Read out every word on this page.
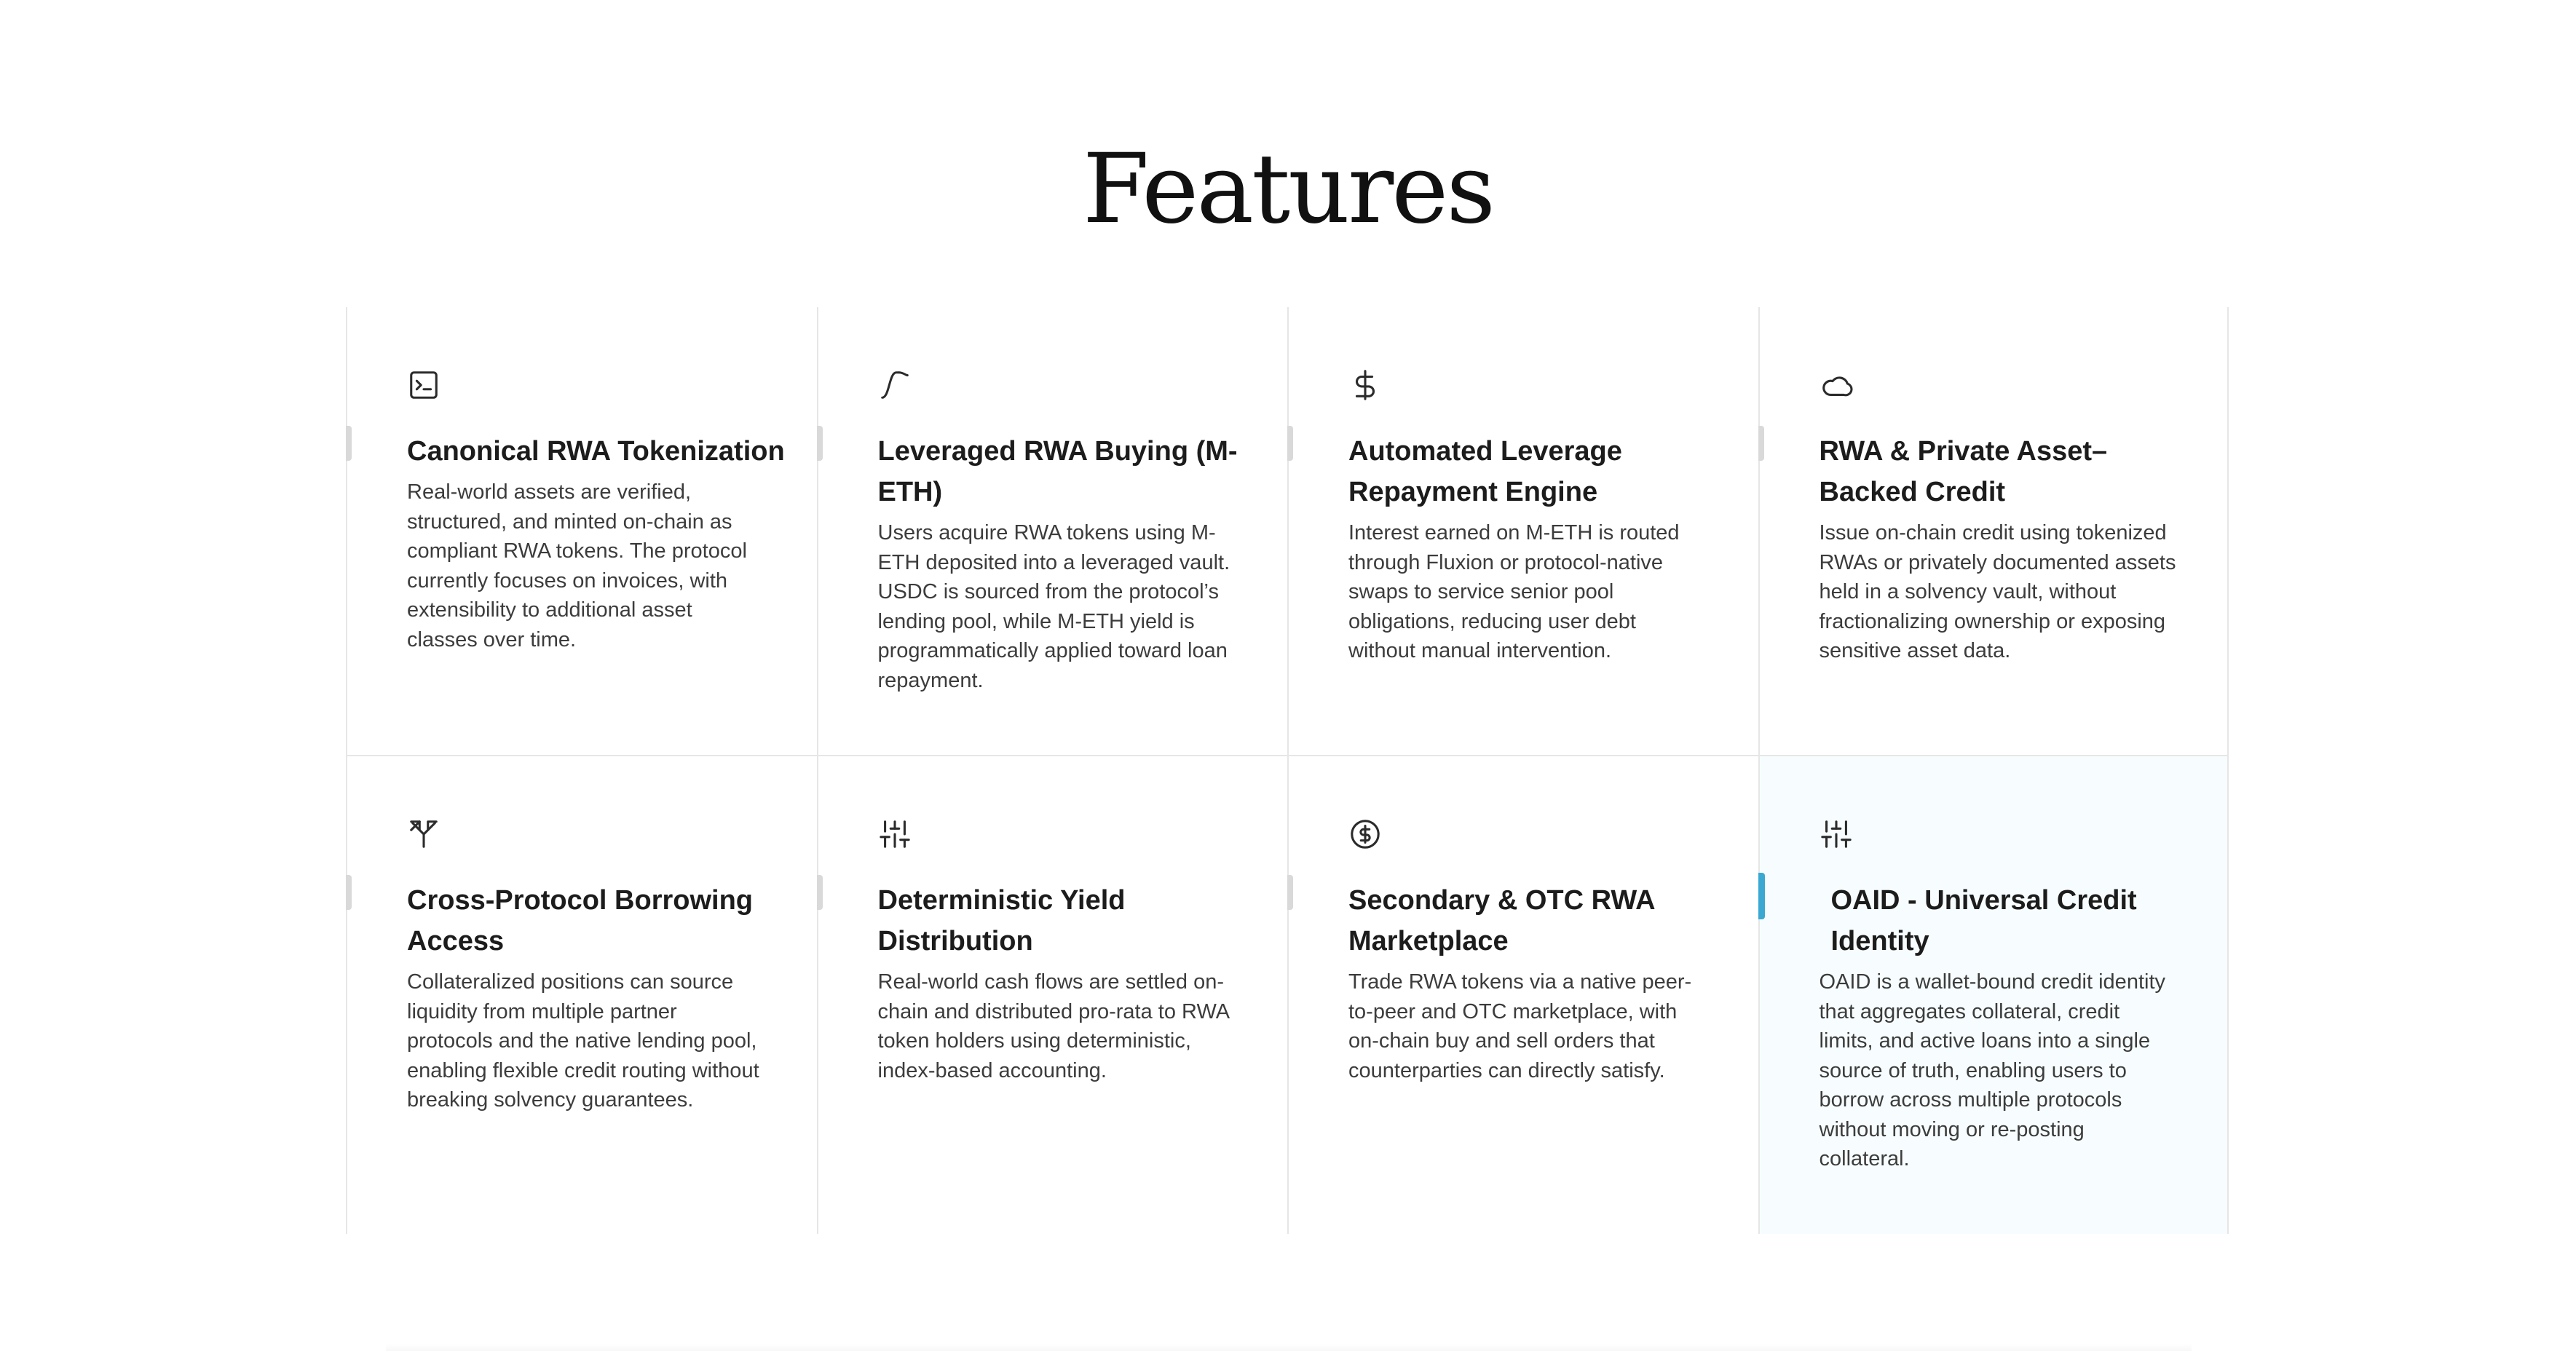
Features
Canonical RWA Tokenization
Real-world assets are verified, structured, and minted on-chain as compliant RWA tokens. The protocol currently focuses on invoices, with extensibility to additional asset classes over time.
Leveraged RWA Buying (M-ETH)
Users acquire RWA tokens using M-ETH deposited into a leveraged vault. USDC is sourced from the protocol’s lending pool, while M-ETH yield is programmatically applied toward loan repayment.
Automated Leverage Repayment Engine
Interest earned on M-ETH is routed through Fluxion or protocol-native swaps to service senior pool obligations, reducing user debt without manual intervention.
RWA & Private Asset–Backed Credit
Issue on-chain credit using tokenized RWAs or privately documented assets held in a solvency vault, without fractionalizing ownership or exposing sensitive asset data.
Cross-Protocol Borrowing Access
Collateralized positions can source liquidity from multiple partner protocols and the native lending pool, enabling flexible credit routing without breaking solvency guarantees.
Deterministic Yield Distribution
Real-world cash flows are settled on-chain and distributed pro-rata to RWA token holders using deterministic, index-based accounting.
Secondary & OTC RWA Marketplace
Trade RWA tokens via a native peer-to-peer and OTC marketplace, with on-chain buy and sell orders that counterparties can directly satisfy.
OAID - Universal Credit Identity
OAID is a wallet-bound credit identity that aggregates collateral, credit limits, and active loans into a single source of truth, enabling users to borrow across multiple protocols without moving or re-posting collateral.
